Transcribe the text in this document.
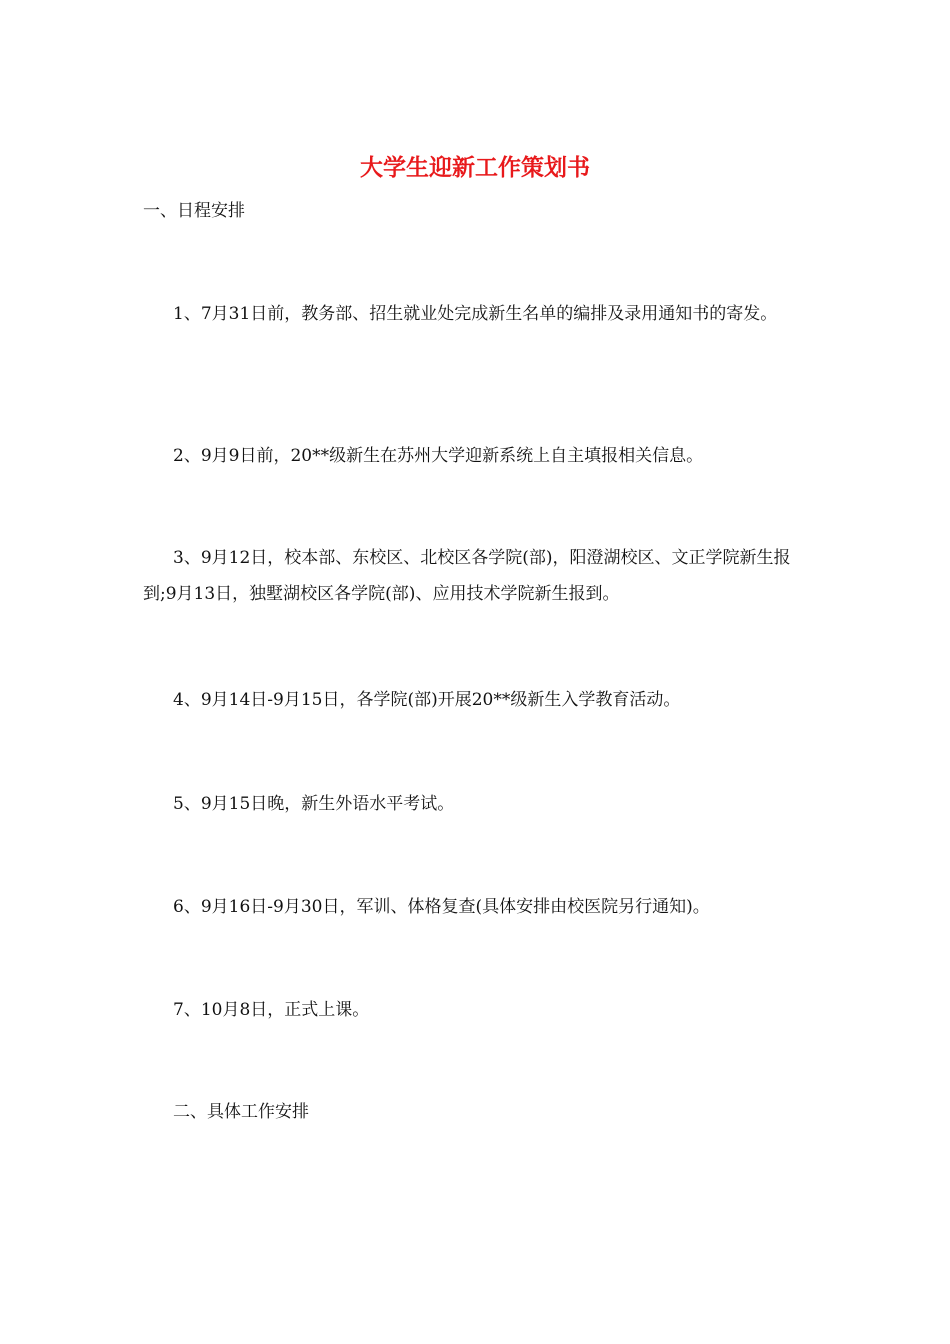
大学生迎新工作策划书

一、日程安排

1、7月31日前，教务部、招生就业处完成新生名单的编排及录用通知书的寄发。

2、9月9日前，20**级新生在苏州大学迎新系统上自主填报相关信息。

3、9月12日，校本部、东校区、北校区各学院(部)，阳澄湖校区、文正学院新生报到;9月13日，独墅湖校区各学院(部)、应用技术学院新生报到。

4、9月14日-9月15日，各学院(部)开展20**级新生入学教育活动。

5、9月15日晚，新生外语水平考试。

6、9月16日-9月30日，军训、体格复查(具体安排由校医院另行通知)。

7、10月8日，正式上课。

二、具体工作安排
